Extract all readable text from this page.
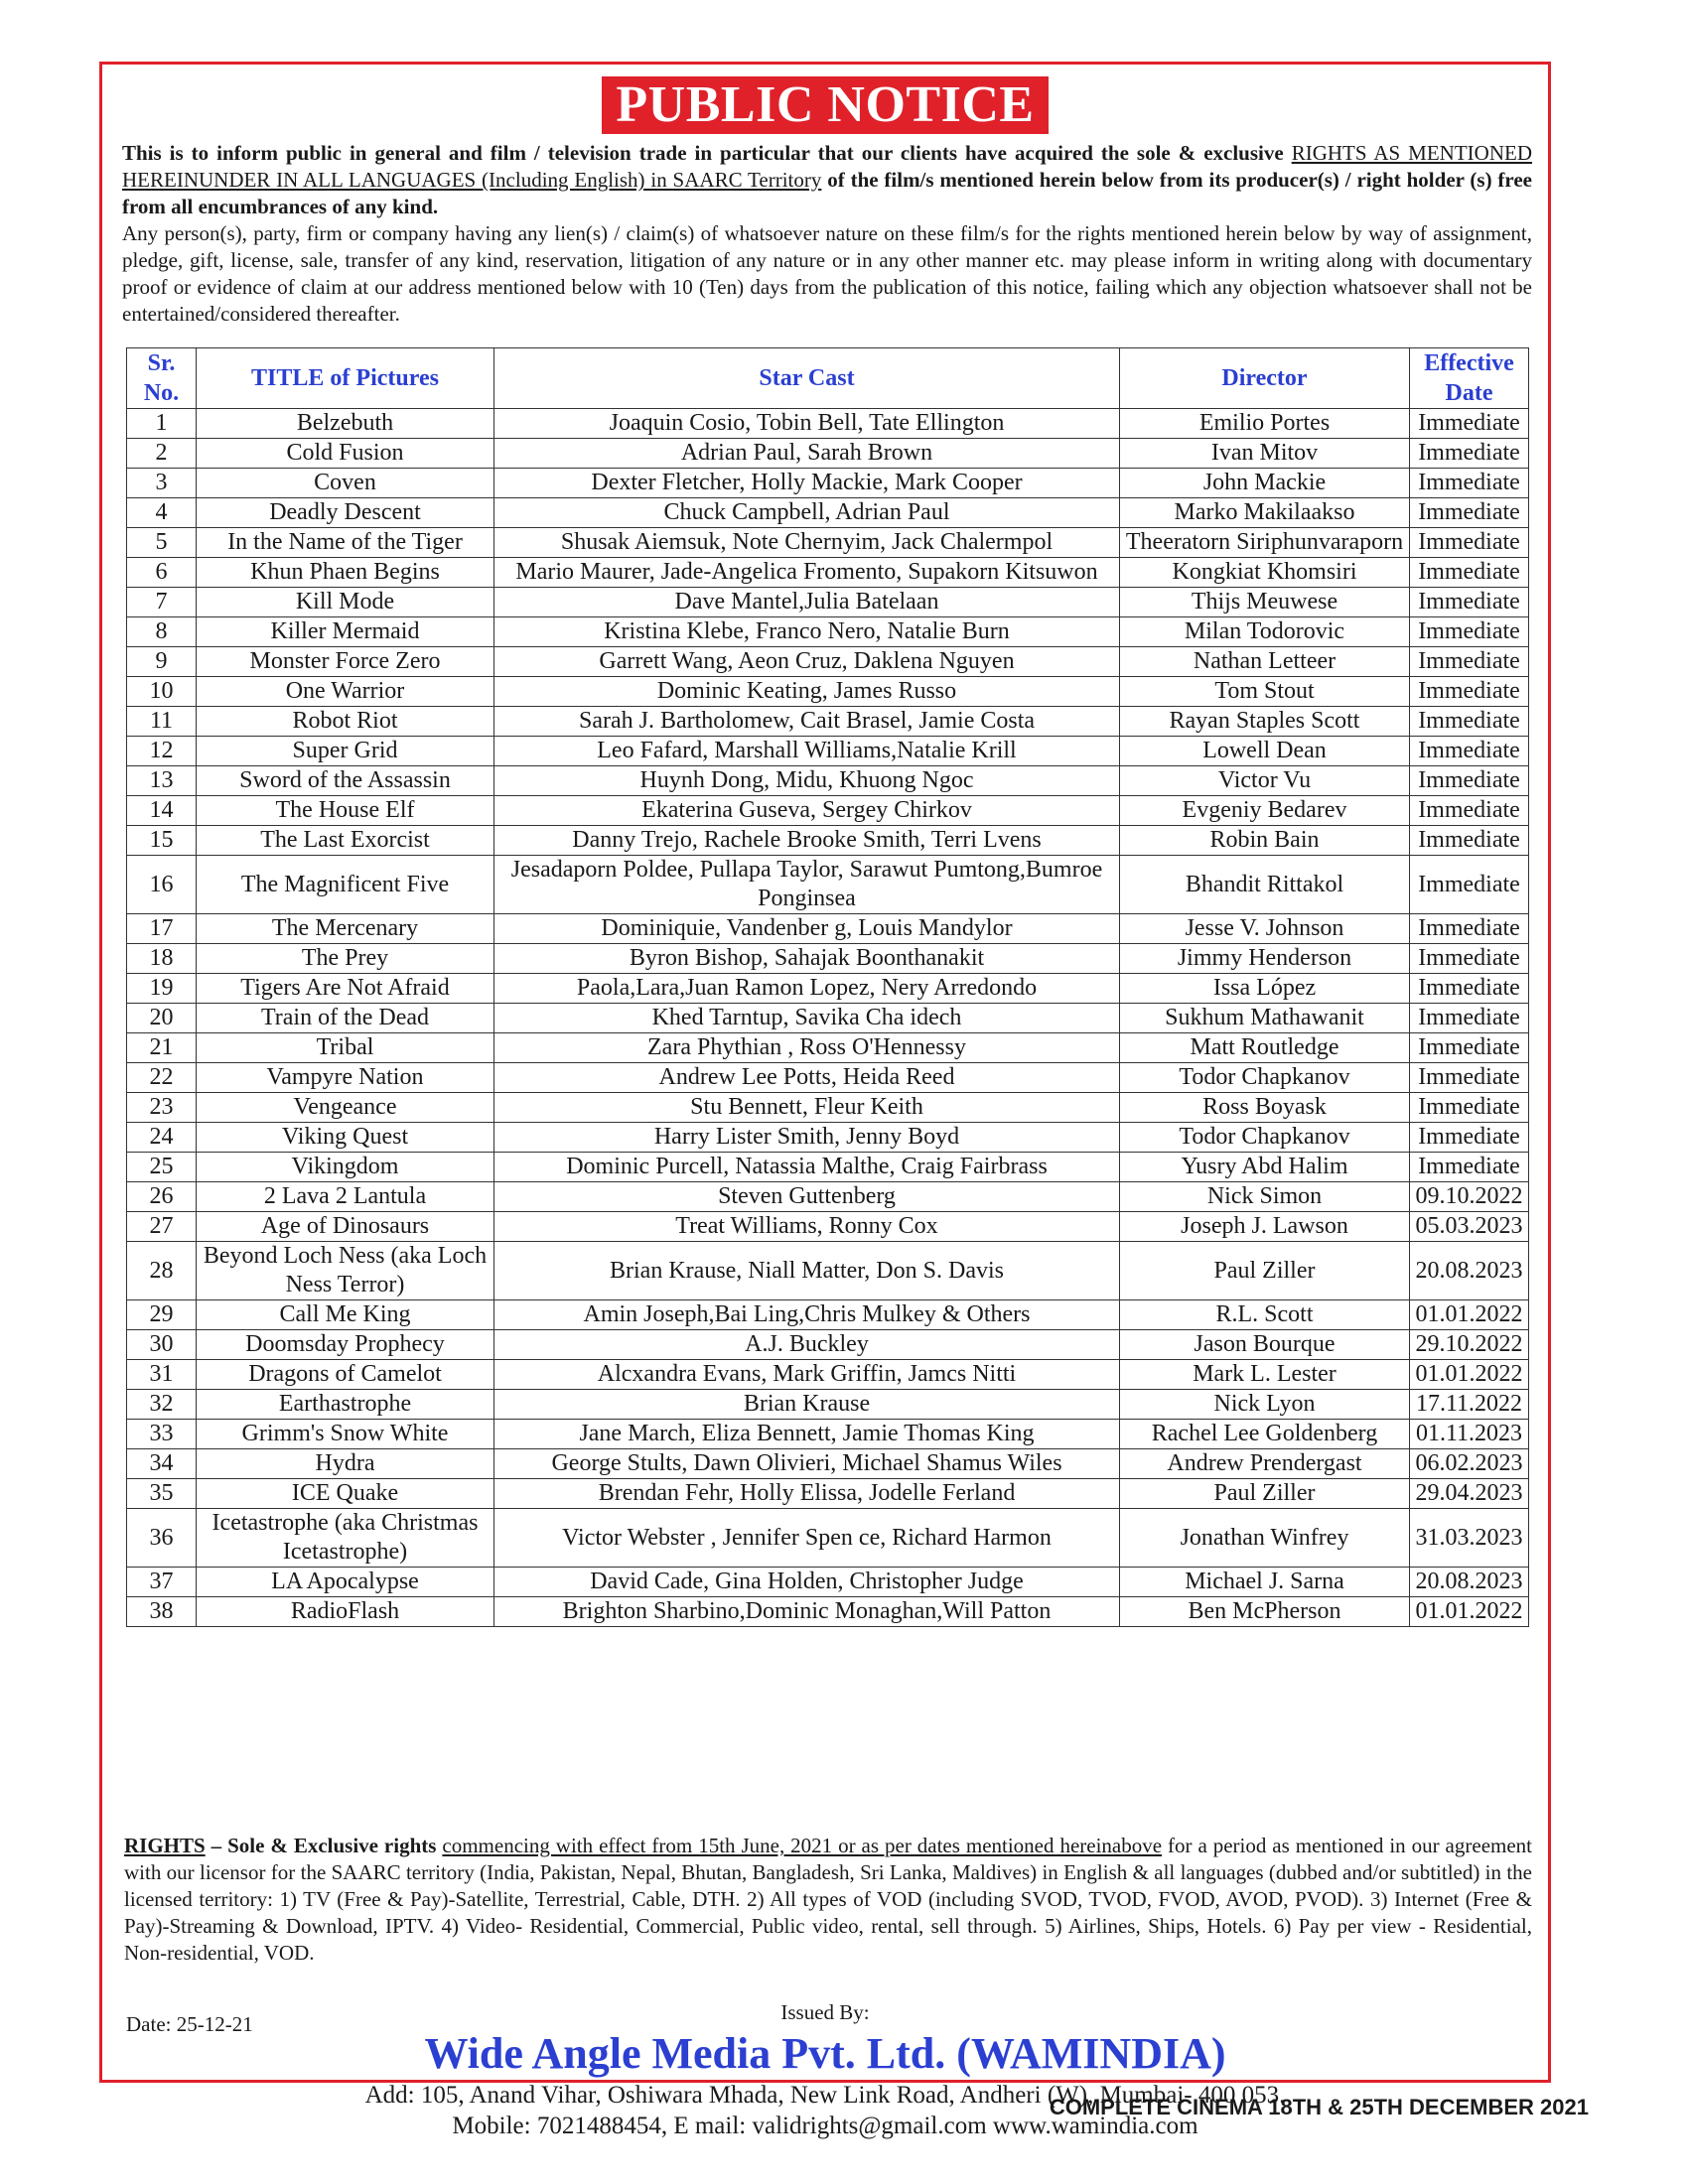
PUBLIC NOTICE

This is to inform public in general and film / television trade in particular that our clients have acquired the sole & exclusive RIGHTS AS MENTIONED HEREINUNDER IN ALL LANGUAGES (Including English) in SAARC Territory of the film/s mentioned herein below from its producer(s) / right holder (s) free from all encumbrances of any kind.

Any person(s), party, firm or company having any lien(s) / claim(s) of whatsoever nature on these film/s for the rights mentioned herein below by way of assignment, pledge, gift, license, sale, transfer of any kind, reservation, litigation of any nature or in any other manner etc. may please inform in writing along with documentary proof or evidence of claim at our address mentioned below with 10 (Ten) days from the publication of this notice, failing which any objection whatsoever shall not be entertained/considered thereafter.

Sr. No.	TITLE of Pictures	Star Cast	Director	Effective Date
1	Belzebuth	Joaquin Cosio, Tobin Bell, Tate Ellington	Emilio Portes	Immediate
2	Cold Fusion	Adrian Paul, Sarah Brown	Ivan Mitov	Immediate
3	Coven	Dexter Fletcher, Holly Mackie, Mark Cooper	John Mackie	Immediate
4	Deadly Descent	Chuck Campbell, Adrian Paul	Marko Makilaakso	Immediate
5	In the Name of the Tiger	Shusak Aiemsuk, Note Chernyim, Jack Chalermpol	Theeratorn Siriphunvaraporn	Immediate
6	Khun Phaen Begins	Mario Maurer, Jade-Angelica Fromento, Supakorn Kitsuwon	Kongkiat Khomsiri	Immediate
7	Kill Mode	Dave Mantel,Julia Batelaan	Thijs Meuwese	Immediate
8	Killer Mermaid	Kristina Klebe, Franco Nero, Natalie Burn	Milan Todorovic	Immediate
9	Monster Force Zero	Garrett Wang, Aeon Cruz, Daklena Nguyen	Nathan Letteer	Immediate
10	One Warrior	Dominic Keating, James Russo	Tom Stout	Immediate
11	Robot Riot	Sarah J. Bartholomew, Cait Brasel, Jamie Costa	Rayan Staples Scott	Immediate
12	Super Grid	Leo Fafard, Marshall Williams,Natalie Krill	Lowell Dean	Immediate
13	Sword of the Assassin	Huynh Dong, Midu, Khuong Ngoc	Victor Vu	Immediate
14	The House Elf	Ekaterina Guseva, Sergey Chirkov	Evgeniy Bedarev	Immediate
15	The Last Exorcist	Danny Trejo, Rachele Brooke Smith, Terri Lvens	Robin Bain	Immediate
16	The Magnificent Five	Jesadaporn Poldee, Pullapa Taylor, Sarawut Pumtong,Bumroe Ponginsea	Bhandit Rittakol	Immediate
17	The Mercenary	Dominiquie, Vandenber g, Louis Mandylor	Jesse V. Johnson	Immediate
18	The Prey	Byron Bishop, Sahajak Boonthanakit	Jimmy Henderson	Immediate
19	Tigers Are Not Afraid	Paola,Lara,Juan Ramon Lopez, Nery Arredondo	Issa López	Immediate
20	Train of the Dead	Khed Tarntup, Savika Cha idech	Sukhum Mathawanit	Immediate
21	Tribal	Zara Phythian , Ross O'Hennessy	Matt Routledge	Immediate
22	Vampyre Nation	Andrew Lee Potts, Heida Reed	Todor Chapkanov	Immediate
23	Vengeance	Stu Bennett, Fleur Keith	Ross Boyask	Immediate
24	Viking Quest	Harry Lister Smith, Jenny Boyd	Todor Chapkanov	Immediate
25	Vikingdom	Dominic Purcell, Natassia Malthe, Craig Fairbrass	Yusry Abd Halim	Immediate
26	2 Lava 2 Lantula	Steven Guttenberg	Nick Simon	09.10.2022
27	Age of Dinosaurs	Treat Williams, Ronny Cox	Joseph J. Lawson	05.03.2023
28	Beyond Loch Ness (aka Loch Ness Terror)	Brian Krause, Niall Matter, Don S. Davis	Paul Ziller	20.08.2023
29	Call Me King	Amin Joseph,Bai Ling,Chris Mulkey & Others	R.L. Scott	01.01.2022
30	Doomsday Prophecy	A.J. Buckley	Jason Bourque	29.10.2022
31	Dragons of Camelot	Alcxandra Evans, Mark Griffin, Jamcs Nitti	Mark L. Lester	01.01.2022
32	Earthastrophe	Brian Krause	Nick Lyon	17.11.2022
33	Grimm's Snow White	Jane March, Eliza Bennett, Jamie Thomas King	Rachel Lee Goldenberg	01.11.2023
34	Hydra	George Stults, Dawn Olivieri, Michael Shamus Wiles	Andrew Prendergast	06.02.2023
35	ICE Quake	Brendan Fehr, Holly Elissa, Jodelle Ferland	Paul Ziller	29.04.2023
36	Icetastrophe (aka Christmas Icetastrophe)	Victor Webster , Jennifer Spen ce, Richard Harmon	Jonathan Winfrey	31.03.2023
37	LA Apocalypse	David Cade, Gina Holden, Christopher Judge	Michael J. Sarna	20.08.2023
38	RadioFlash	Brighton Sharbino,Dominic Monaghan,Will Patton	Ben McPherson	01.01.2022
RIGHTS – Sole & Exclusive rights commencing with effect from 15th June, 2021 or as per dates mentioned hereinabove for a period as mentioned in our agreement with our licensor for the SAARC territory (India, Pakistan, Nepal, Bhutan, Bangladesh, Sri Lanka, Maldives) in English & all languages (dubbed and/or subtitled) in the licensed territory: 1) TV (Free & Pay)-Satellite, Terrestrial, Cable, DTH. 2) All types of VOD (including SVOD, TVOD, FVOD, AVOD, PVOD). 3) Internet (Free & Pay)-Streaming & Download, IPTV. 4) Video- Residential, Commercial, Public video, rental, sell through. 5) Airlines, Ships, Hotels. 6) Pay per view - Residential, Non-residential, VOD.
Issued By:
Date: 25-12-21
Wide Angle Media Pvt. Ltd. (WAMINDIA)
Add: 105, Anand Vihar, Oshiwara Mhada, New Link Road, Andheri (W), Mumbai- 400 053.
Mobile: 7021488454, E mail: validrights@gmail.com www.wamindia.com
COMPLETE CINEMA 18TH & 25TH DECEMBER 2021
